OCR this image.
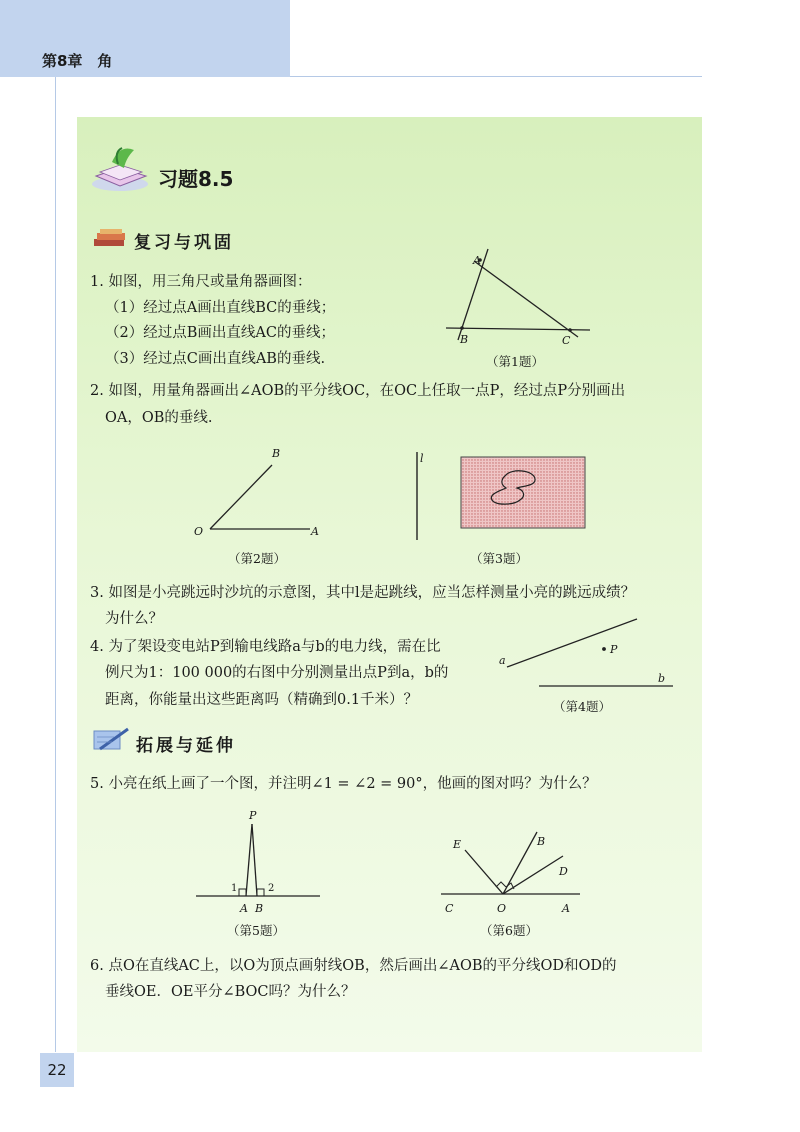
第8章　角
习题8.5
复习与巩固
1. 如图，用三角尺或量角器画图：
（1）经过点A画出直线BC的垂线；
（2）经过点B画出直线AC的垂线；
（3）经过点C画出直线AB的垂线.
A
B	C
（第1题）
2. 如图，用量角器画出∠AOB的平分线OC，在OC上任取一点P，经过点P分别画出
OA，OB的垂线.
O	A
B
（第2题）
l
（第3题）
3. 如图是小亮跳远时沙坑的示意图，其中l是起跳线，应当怎样测量小亮的跳远成绩？
为什么？
4. 为了架设变电站P到输电线路a与b的电力线，需在比
例尺为1：100 000的右图中分别测量出点P到a，b的
距离，你能量出这些距离吗（精确到0.1千米）？
a
b
P
（第4题）
拓展与延伸
5. 小亮在纸上画了一个图，并注明∠1 = ∠2 = 90°，他画的图对吗？为什么？
P
A B
1	2
（第5题）
C	O	A
B
D
E
（第6题）
6. 点O在直线AC上，以O为顶点画射线OB，然后画出∠AOB的平分线OD和OD的
垂线OE．OE平分∠BOC吗？为什么？
22
